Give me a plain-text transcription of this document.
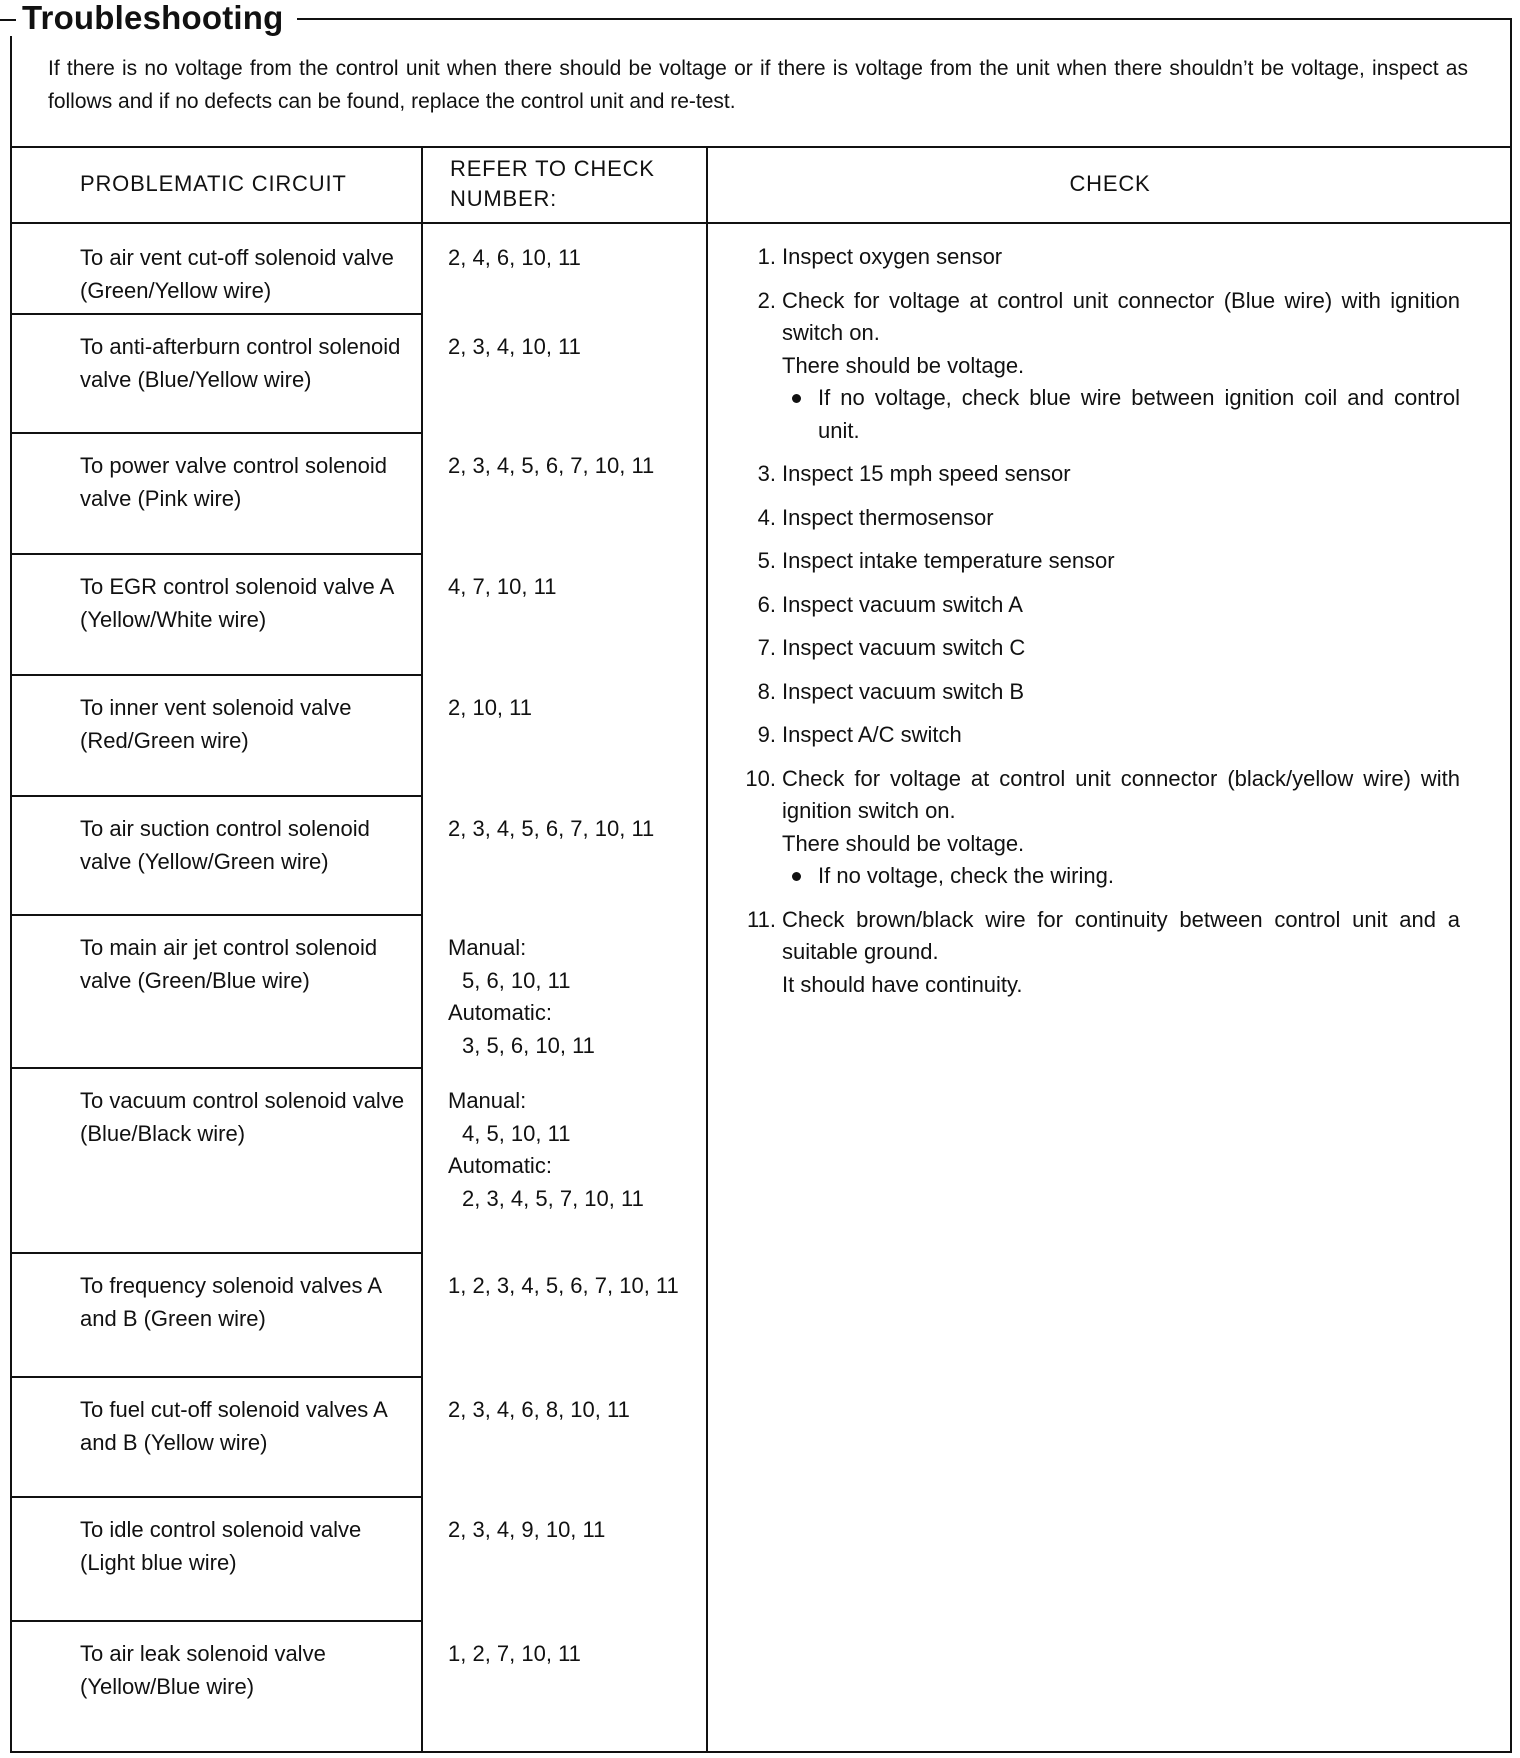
Troubleshooting

If there is no voltage from the control unit when there should be voltage or if there is voltage from the unit when there shouldn’t be voltage, inspect as follows and if no defects can be found, replace the control unit and re-test.

PROBLEMATIC CIRCUIT
REFER TO CHECK NUMBER:
CHECK

To air vent cut-off solenoid valve (Green/Yellow wire)

2, 4, 6, 10, 11

To anti-afterburn control solenoid valve (Blue/Yellow wire)

2, 3, 4, 10, 11

To power valve control solenoid valve (Pink wire)

2, 3, 4, 5, 6, 7, 10, 11

To EGR control solenoid valve A (Yellow/White wire)

4, 7, 10, 11

To inner vent solenoid valve (Red/Green wire)

2, 10, 11

To air suction control solenoid valve (Yellow/Green wire)

2, 3, 4, 5, 6, 7, 10, 11

To main air jet control solenoid valve (Green/Blue wire)

Manual:
5, 6, 10, 11
Automatic:
3, 5, 6, 10, 11

To vacuum control solenoid valve (Blue/Black wire)

Manual:
4, 5, 10, 11
Automatic:
2, 3, 4, 5, 7, 10, 11

To frequency solenoid valves A and B (Green wire)

1, 2, 3, 4, 5, 6, 7, 10, 11

To fuel cut-off solenoid valves A and B (Yellow wire)

2, 3, 4, 6, 8, 10, 11

To idle control solenoid valve (Light blue wire)

2, 3, 4, 9, 10, 11

To air leak solenoid valve (Yellow/Blue wire)

1, 2, 7, 10, 11

1. Inspect oxygen sensor
2. Check for voltage at control unit connector (Blue wire) with ignition switch on.
There should be voltage.
If no voltage, check blue wire between ignition coil and control unit.
3. Inspect 15 mph speed sensor
4. Inspect thermosensor
5. Inspect intake temperature sensor
6. Inspect vacuum switch A
7. Inspect vacuum switch C
8. Inspect vacuum switch B
9. Inspect A/C switch
10. Check for voltage at control unit connector (black/yellow wire) with ignition switch on.
There should be voltage.
If no voltage, check the wiring.
11. Check brown/black wire for continuity between control unit and a suitable ground.
It should have continuity.
